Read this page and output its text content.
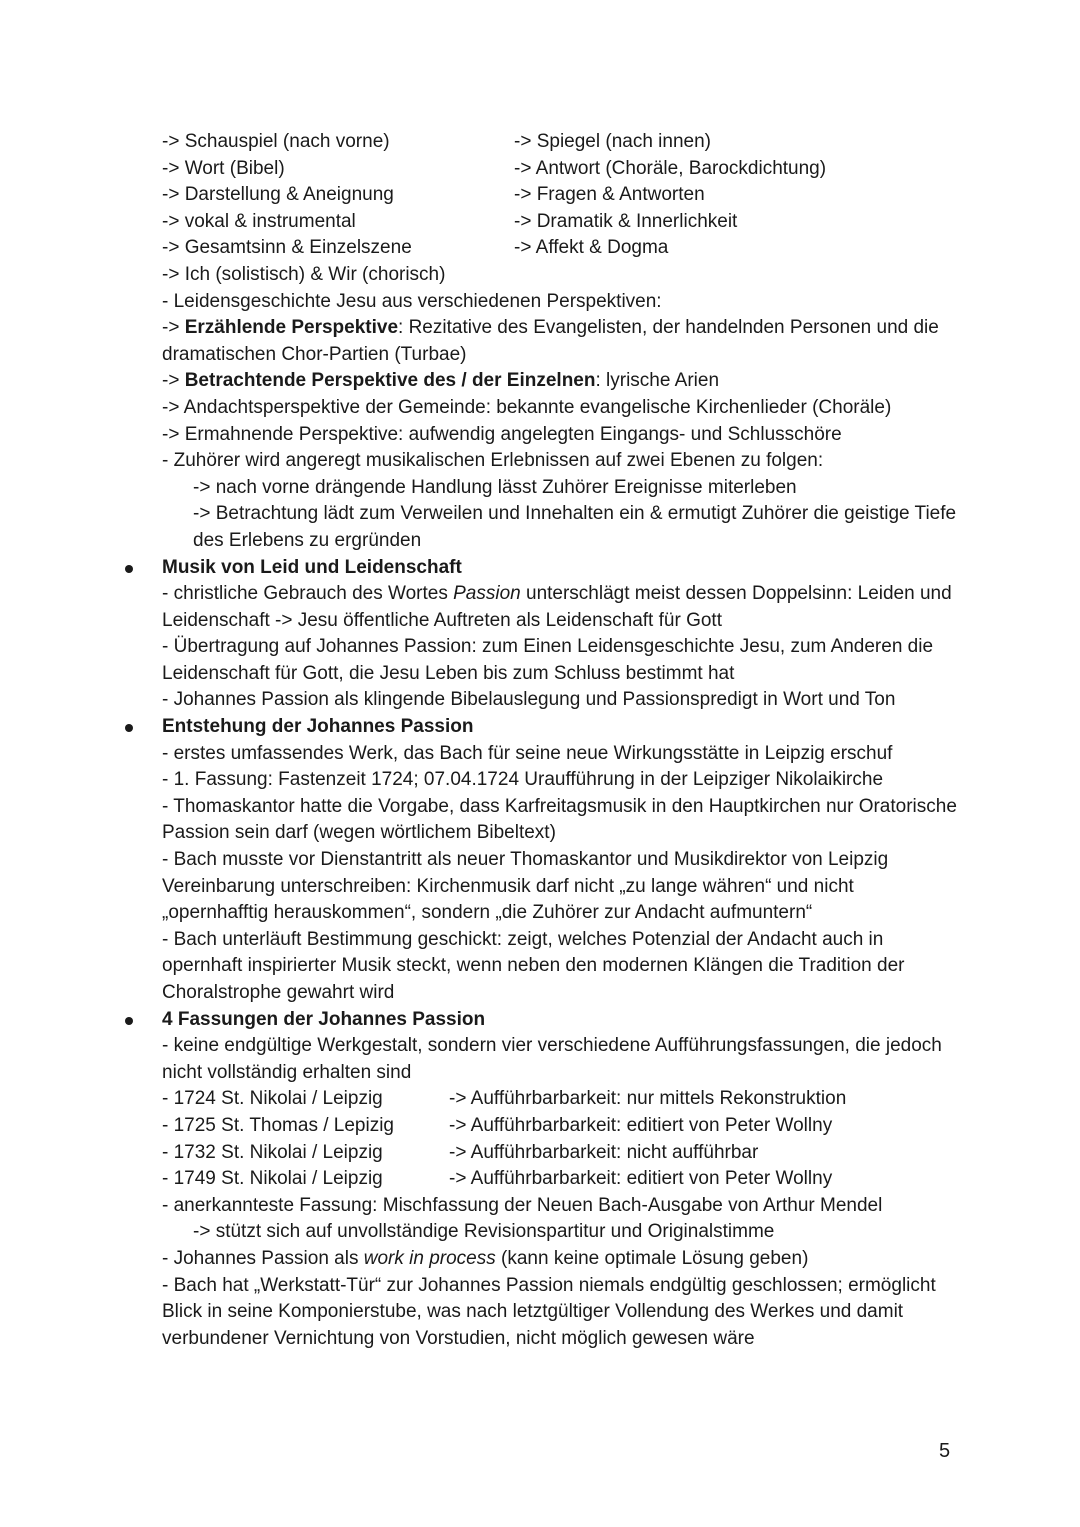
-> Schauspiel (nach vorne)	-> Spiegel (nach innen)
-> Wort (Bibel)	-> Antwort (Choräle, Barockdichtung)
-> Darstellung & Aneignung	-> Fragen & Antworten
-> vokal & instrumental	-> Dramatik & Innerlichkeit
-> Gesamtsinn & Einzelszene	-> Affekt & Dogma
-> Ich (solistisch) & Wir (chorisch)
- Leidensgeschichte Jesu aus verschiedenen Perspektiven:
-> Erzählende Perspektive: Rezitative des Evangelisten, der handelnden Personen und die dramatischen Chor-Partien (Turbae)
-> Betrachtende Perspektive des / der Einzelnen: lyrische Arien
-> Andachtsperspektive der Gemeinde: bekannte evangelische Kirchenlieder (Choräle)
-> Ermahnende Perspektive: aufwendig angelegten Eingangs- und Schlusschöre
- Zuhörer wird angeregt musikalischen Erlebnissen auf zwei Ebenen zu folgen:
-> nach vorne drängende Handlung lässt Zuhörer Ereignisse miterleben
-> Betrachtung lädt zum Verweilen und Innehalten ein & ermutigt Zuhörer die geistige Tiefe des Erlebens zu ergründen
Musik von Leid und Leidenschaft
- christliche Gebrauch des Wortes Passion unterschlägt meist dessen Doppelsinn: Leiden und Leidenschaft -> Jesu öffentliche Auftreten als Leidenschaft für Gott
- Übertragung auf Johannes Passion: zum Einen Leidensgeschichte Jesu, zum Anderen die Leidenschaft für Gott, die Jesu Leben bis zum Schluss bestimmt hat
- Johannes Passion als klingende Bibelauslegung und Passionspredigt in Wort und Ton
Entstehung der Johannes Passion
- erstes umfassendes Werk, das Bach für seine neue Wirkungsstätte in Leipzig erschuf
- 1. Fassung: Fastenzeit 1724; 07.04.1724 Uraufführung in der Leipziger Nikolaikirche
- Thomaskantor hatte die Vorgabe, dass Karfreitagsmusik in den Hauptkirchen nur Oratorische Passion sein darf (wegen wörtlichem Bibeltext)
- Bach musste vor Dienstantritt als neuer Thomaskantor und Musikdirektor von Leipzig Vereinbarung unterschreiben: Kirchenmusik darf nicht „zu lange währen“ und nicht „opernhafftig herauskommen“, sondern „die Zuhörer zur Andacht aufmuntern“
- Bach unterläuft Bestimmung geschickt: zeigt, welches Potenzial der Andacht auch in opernhaft inspirierter Musik steckt, wenn neben den modernen Klängen die Tradition der Choralstrophe gewahrt wird
4 Fassungen der Johannes Passion
- keine endgültige Werkgestalt, sondern vier verschiedene Aufführungsfassungen, die jedoch nicht vollständig erhalten sind
- 1724 St. Nikolai / Leipzig	-> Aufführbarbarkeit: nur mittels Rekonstruktion
- 1725 St. Thomas / Lepizig	-> Aufführbarbarkeit: editiert von Peter Wollny
- 1732 St. Nikolai / Leipzig	-> Aufführbarbarkeit: nicht aufführbar
- 1749 St. Nikolai / Leipzig	-> Aufführbarbarkeit: editiert von Peter Wollny
- anerkannteste Fassung: Mischfassung der Neuen Bach-Ausgabe von Arthur Mendel
-> stützt sich auf unvollständige Revisionspartitur und Originalstimme
- Johannes Passion als work in process (kann keine optimale Lösung geben)
- Bach hat „Werkstatt-Tür“ zur Johannes Passion niemals endgültig geschlossen; ermöglicht Blick in seine Komponierstube, was nach letztgültiger Vollendung des Werkes und damit verbundener Vernichtung von Vorstudien, nicht möglich gewesen wäre
5
